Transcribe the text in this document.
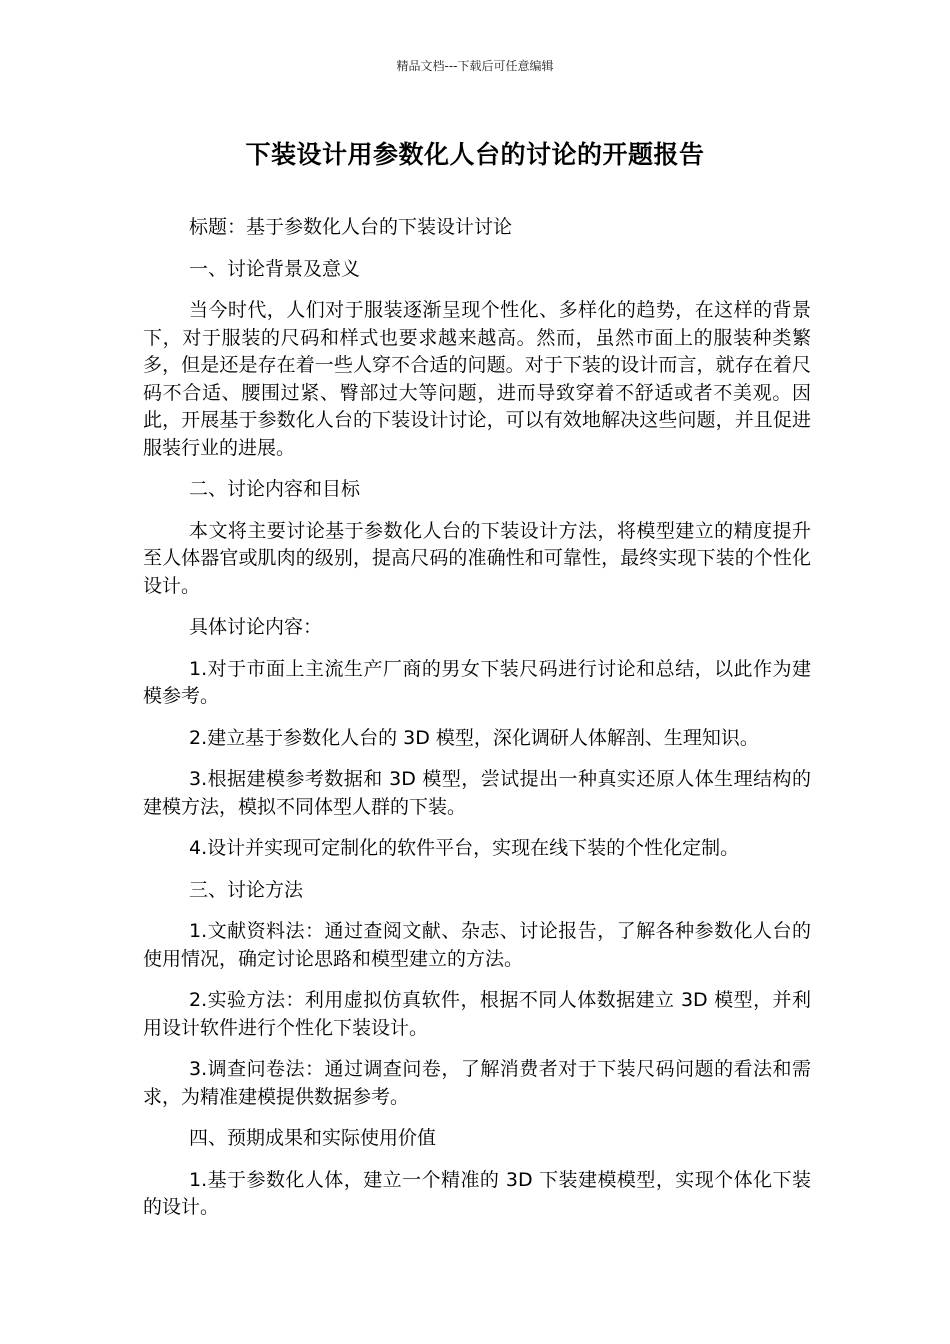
精品文档---下载后可任意编辑
下装设计用参数化人台的讨论的开题报告

标题：基于参数化人台的下装设计讨论

一、讨论背景及意义

当今时代，人们对于服装逐渐呈现个性化、多样化的趋势，在这样的背景下，对于服装的尺码和样式也要求越来越高。然而，虽然市面上的服装种类繁多，但是还是存在着一些人穿不合适的问题。对于下装的设计而言，就存在着尺码不合适、腰围过紧、臀部过大等问题，进而导致穿着不舒适或者不美观。因此，开展基于参数化人台的下装设计讨论，可以有效地解决这些问题，并且促进服装行业的进展。

二、讨论内容和目标

本文将主要讨论基于参数化人台的下装设计方法，将模型建立的精度提升至人体器官或肌肉的级别，提高尺码的准确性和可靠性，最终实现下装的个性化设计。

具体讨论内容：

1.对于市面上主流生产厂商的男女下装尺码进行讨论和总结，以此作为建模参考。

2.建立基于参数化人台的 3D 模型，深化调研人体解剖、生理知识。

3.根据建模参考数据和 3D 模型，尝试提出一种真实还原人体生理结构的建模方法，模拟不同体型人群的下装。

4.设计并实现可定制化的软件平台，实现在线下装的个性化定制。

三、讨论方法

1.文献资料法：通过查阅文献、杂志、讨论报告，了解各种参数化人台的使用情况，确定讨论思路和模型建立的方法。

2.实验方法：利用虚拟仿真软件，根据不同人体数据建立 3D 模型，并利用设计软件进行个性化下装设计。

3.调查问卷法：通过调查问卷，了解消费者对于下装尺码问题的看法和需求，为精准建模提供数据参考。

四、预期成果和实际使用价值

1.基于参数化人体，建立一个精准的 3D 下装建模模型，实现个体化下装的设计。
